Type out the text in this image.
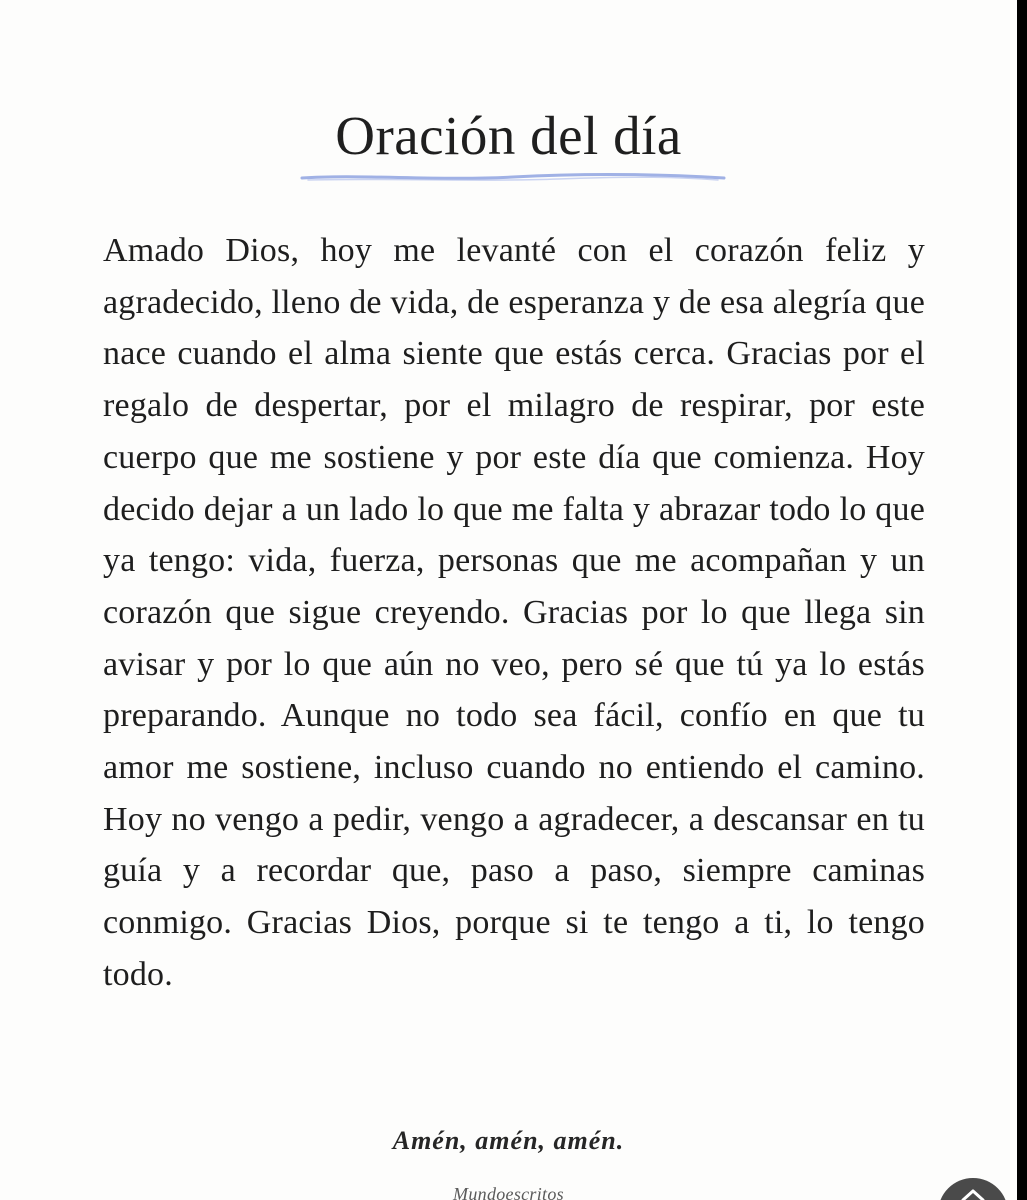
Oración del día

Amado Dios, hoy me levanté con el corazón feliz y agradecido, lleno de vida, de esperanza y de esa alegría que nace cuando el alma siente que estás cerca. Gracias por el regalo de despertar, por el milagro de respirar, por este cuerpo que me sostiene y por este día que comienza. Hoy decido dejar a un lado lo que me falta y abrazar todo lo que ya tengo: vida, fuerza, personas que me acompañan y un corazón que sigue creyendo. Gracias por lo que llega sin avisar y por lo que aún no veo, pero sé que tú ya lo estás preparando. Aunque no todo sea fácil, confío en que tu amor me sostiene, incluso cuando no entiendo el camino. Hoy no vengo a pedir, vengo a agradecer, a descansar en tu guía y a recordar que, paso a paso, siempre caminas conmigo. Gracias Dios, porque si te tengo a ti, lo tengo todo.

Amén, amén, amén.

Mundoescritos
